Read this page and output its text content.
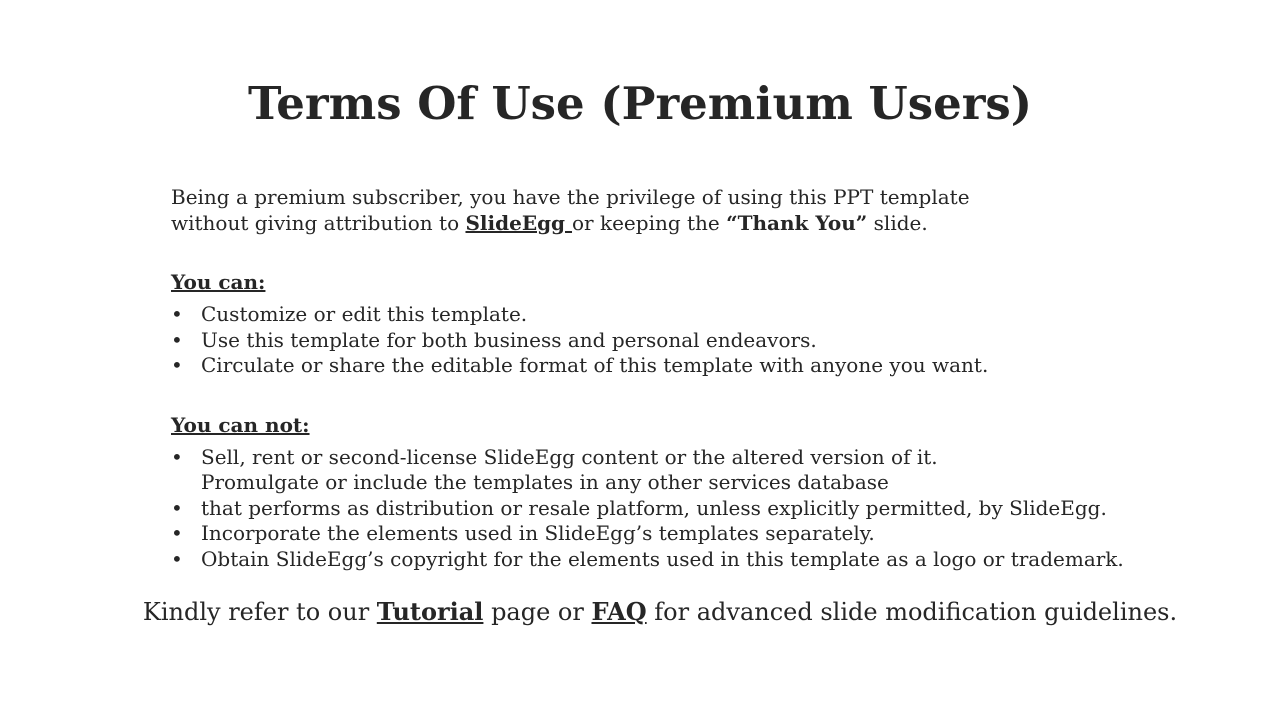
Terms Of Use (Premium Users)

Being a premium subscriber, you have the privilege of using this PPT template

without giving attribution to SlideEgg or keeping the “Thank You” slide.

You can:

• Customize or edit this template.
• Use this template for both business and personal endeavors.
• Circulate or share the editable format of this template with anyone you want.

You can not:

• Sell, rent or second-license SlideEgg content or the altered version of it.
Promulgate or include the templates in any other services database
• that performs as distribution or resale platform, unless explicitly permitted, by SlideEgg.
• Incorporate the elements used in SlideEgg’s templates separately.
• Obtain SlideEgg’s copyright for the elements used in this template as a logo or trademark.
Kindly refer to our Tutorial page or FAQ for advanced slide modification guidelines.
